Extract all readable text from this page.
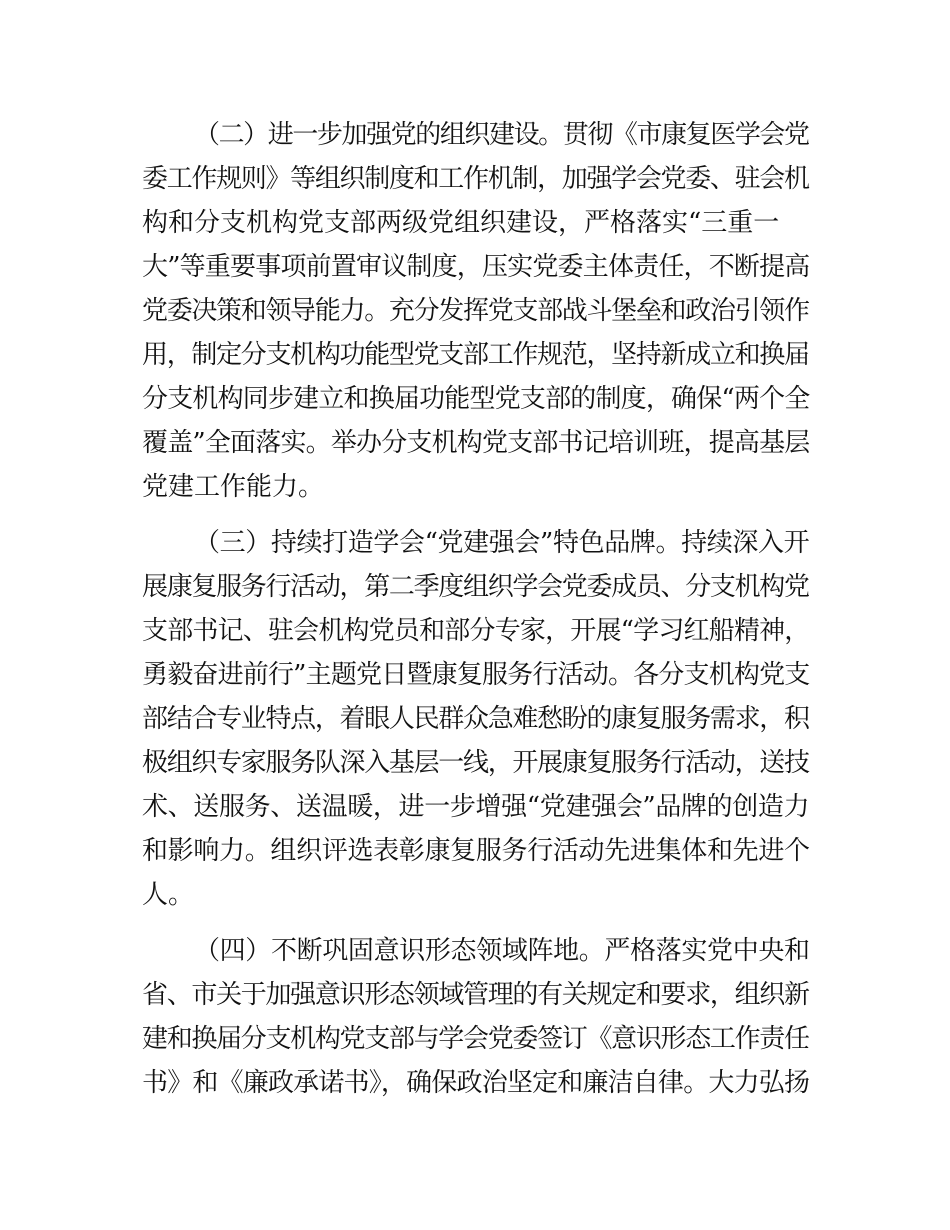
（二）进一步加强党的组织建设。贯彻《市康复医学会党
委工作规则》等组织制度和工作机制，加强学会党委、驻会机
构和分支机构党支部两级党组织建设，严格落实“三重一
大”等重要事项前置审议制度，压实党委主体责任，不断提高
党委决策和领导能力。充分发挥党支部战斗堡垒和政治引领作
用，制定分支机构功能型党支部工作规范，坚持新成立和换届
分支机构同步建立和换届功能型党支部的制度，确保“两个全
覆盖”全面落实。举办分支机构党支部书记培训班，提高基层
党建工作能力。
（三）持续打造学会“党建强会”特色品牌。持续深入开
展康复服务行活动，第二季度组织学会党委成员、分支机构党
支部书记、驻会机构党员和部分专家，开展“学习红船精神，
勇毅奋进前行”主题党日暨康复服务行活动。各分支机构党支
部结合专业特点，着眼人民群众急难愁盼的康复服务需求，积
极组织专家服务队深入基层一线，开展康复服务行活动，送技
术、送服务、送温暖，进一步增强“党建强会”品牌的创造力
和影响力。组织评选表彰康复服务行活动先进集体和先进个
人。
（四）不断巩固意识形态领域阵地。严格落实党中央和
省、市关于加强意识形态领域管理的有关规定和要求，组织新
建和换届分支机构党支部与学会党委签订《意识形态工作责任
书》和《廉政承诺书》，确保政治坚定和廉洁自律。大力弘扬
